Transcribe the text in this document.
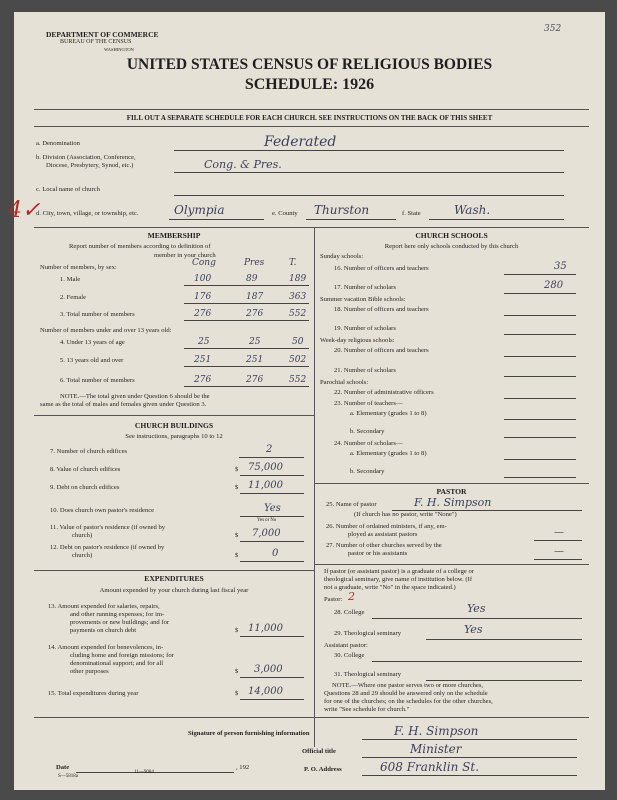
352
DEPARTMENT OF COMMERCE
BUREAU OF THE CENSUS
WASHINGTON
UNITED STATES CENSUS OF RELIGIOUS BODIES
SCHEDULE: 1926
FILL OUT A SEPARATE SCHEDULE FOR EACH CHURCH. SEE INSTRUCTIONS ON THE BACK OF THIS SHEET
a. Denomination	Federated
b. Division (Association, Conference,
Diocese, Presbytery, Synod, etc.)	Cong. & Pres.
c. Local name of church
4✓
d. City, town, village, or township, etc.	Olympia	e. County Thurston	f. State	Wash.
MEMBERSHIP
Report number of members according to definition of
member in your church
Number of members, by sex:	Cong	Pres	T.
1. Male	100	89	189
2. Female	176	187	363
3. Total number of members	276	276	552
Number of members under and over 13 years old:
4. Under 13 years of age	25	25	50
5. 13 years old and over	251	251	502
6. Total number of members	276	276	552
NOTE.—The total given under Question 6 should be the
same as the total of males and females given under Question 3.
CHURCH BUILDINGS
See instructions, paragraphs 10 to 12
7. Number of church edifices	2
8. Value of church edifices	$ 75,000
9. Debt on church edifices	$ 11,000
10. Does church own pastor's residence	Yes
Yes or No
11. Value of pastor's residence (if owned by
church)	$ 7,000
12. Debt on pastor's residence (if owned by
church)	$	0
EXPENDITURES
Amount expended by your church during last fiscal year
13. Amount expended for salaries, repairs,
and other running expenses; for im-
provements or new buildings; and for
payments on church debt	$ 11,000
14. Amount expended for benevolences, in-
cluding home and foreign missions; for
denominational support; and for all
other purposes	$ 3,000
15. Total expenditures during year	$ 14,000
CHURCH SCHOOLS
Report here only schools conducted by this church
Sunday schools:
16. Number of officers and teachers	35
17. Number of scholars	280
Summer vacation Bible schools:
18. Number of officers and teachers
19. Number of scholars
Week-day religious schools:
20. Number of officers and teachers
21. Number of scholars
Parochial schools:
22. Number of administrative officers
23. Number of teachers—
a. Elementary (grades 1 to 8)
b. Secondary
24. Number of scholars—
a. Elementary (grades 1 to 8)
b. Secondary
PASTOR
25. Name of pastor	F. H. Simpson
(If church has no pastor, write "None")
26. Number of ordained ministers, if any, em-
ployed as assistant pastors	—
27. Number of other churches served by the
pastor or his assistants	—
If pastor (or assistant pastor) is a graduate of a college or
theological seminary, give name of institution below. (If
not a graduate, write "No" in the space indicated.)
Pastor: 2
28. College	Yes
29. Theological seminary	Yes
Assistant pastor:
30. College
31. Theological seminary
NOTE.—Where one pastor serves two or more churches,
Questions 28 and 29 should be answered only on the schedule
for one of the churches; on the schedules for the other churches,
write "See schedule for church."
Signature of person furnishing information	F. H. Simpson
Official title	Minister
P. O. Address	608 Franklin St.
Date	, 192
S—5818a
11—9084
